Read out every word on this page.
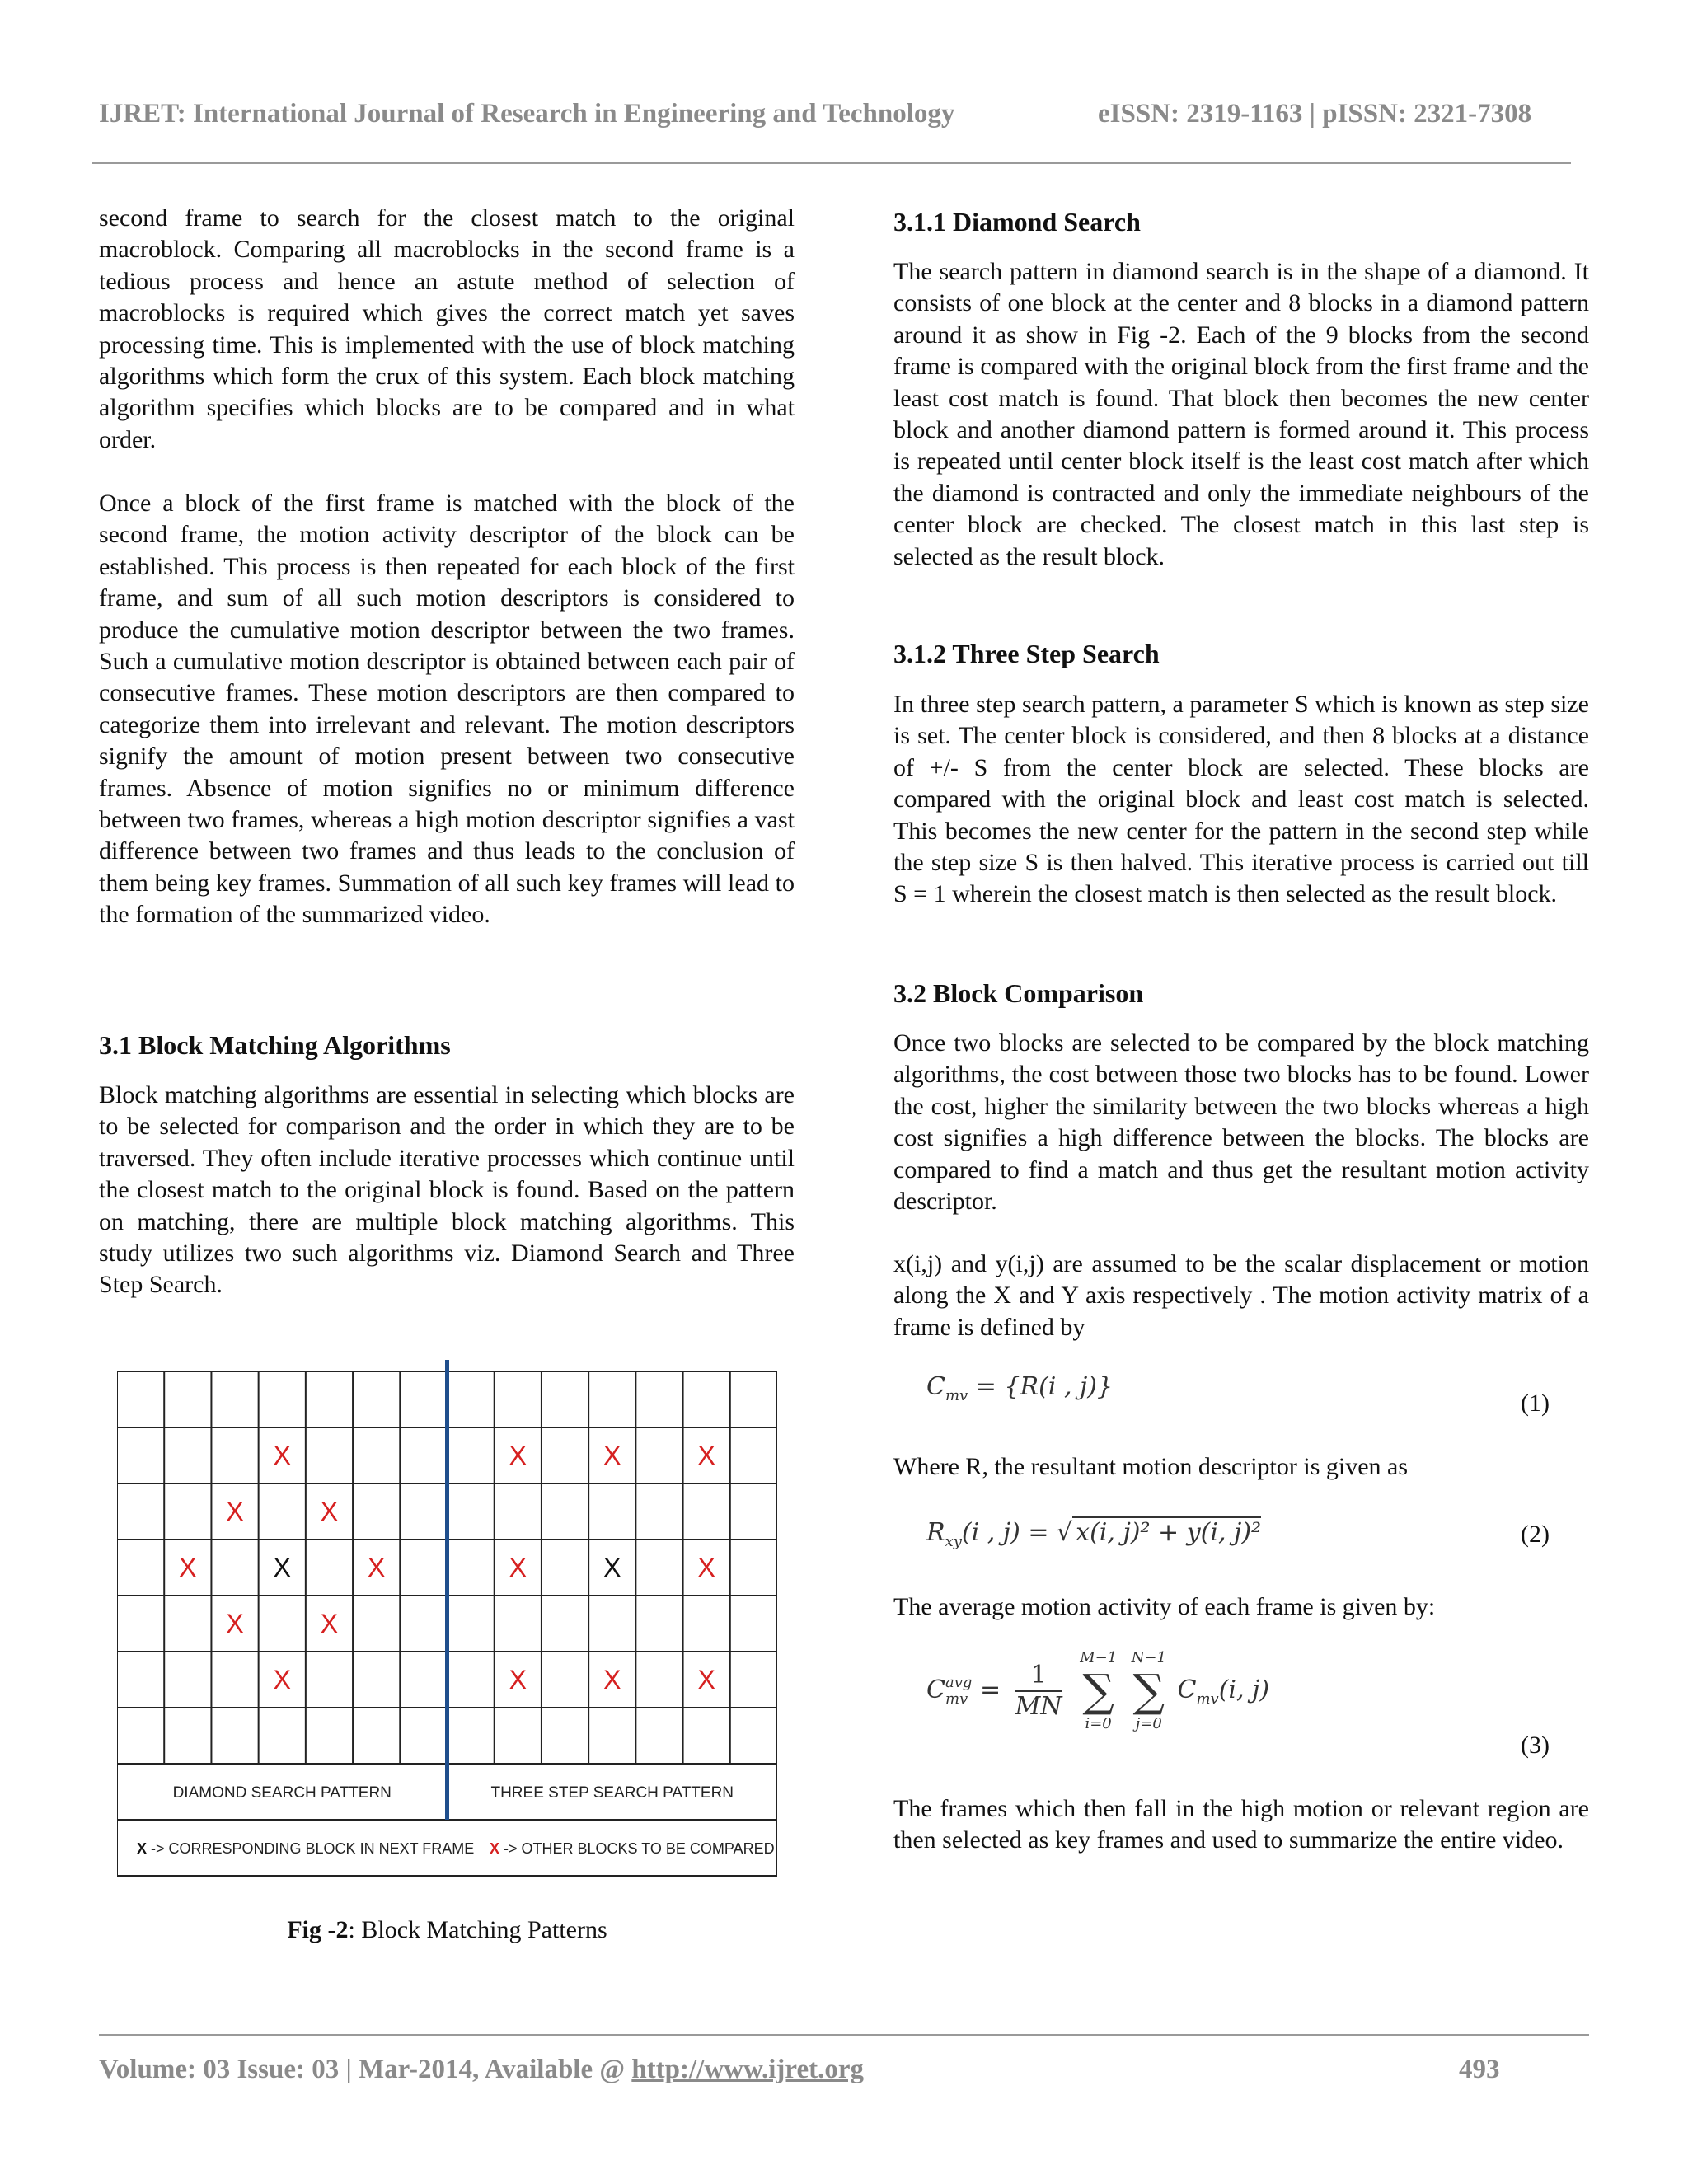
IJRET: International Journal of Research in Engineering and Technology	eISSN: 2319-1163 | pISSN: 2321-7308

second frame to search for the closest match to the original macroblock. Comparing all macroblocks in the second frame is a tedious process and hence an astute method of selection of macroblocks is required which gives the correct match yet saves processing time. This is implemented with the use of block matching algorithms which form the crux of this system. Each block matching algorithm specifies which blocks are to be compared and in what order.

Once a block of the first frame is matched with the block of the second frame, the motion activity descriptor of the block can be established. This process is then repeated for each block of the first frame, and sum of all such motion descriptors is considered to produce the cumulative motion descriptor between the two frames. Such a cumulative motion descriptor is obtained between each pair of consecutive frames. These motion descriptors are then compared to categorize them into irrelevant and relevant. The motion descriptors signify the amount of motion present between two consecutive frames. Absence of motion signifies no or minimum difference between two frames, whereas a high motion descriptor signifies a vast difference between two frames and thus leads to the conclusion of them being key frames. Summation of all such key frames will lead to the formation of the summarized video.

3.1 Block Matching Algorithms

Block matching algorithms are essential in selecting which blocks are to be selected for comparison and the order in which they are to be traversed. They often include iterative processes which continue until the closest match to the original block is found. Based on the pattern on matching, there are multiple block matching algorithms. This study utilizes two such algorithms viz. Diamond Search and Three Step Search.

X
X	X
X	X	X
X	X
X
X	X	X
X	X	X
X	X	X
DIAMOND SEARCH PATTERN	THREE STEP SEARCH PATTERN
X -> CORRESPONDING BLOCK IN NEXT FRAME X -> OTHER BLOCKS TO BE COMPARED
Fig -2: Block Matching Patterns
3.1.1 Diamond Search

The search pattern in diamond search is in the shape of a diamond. It consists of one block at the center and 8 blocks in a diamond pattern around it as show in Fig -2. Each of the 9 blocks from the second frame is compared with the original block from the first frame and the least cost match is found. That block then becomes the new center block and another diamond pattern is formed around it. This process is repeated until center block itself is the least cost match after which the diamond is contracted and only the immediate neighbours of the center block are checked. The closest match in this last step is selected as the result block.

3.1.2 Three Step Search

In three step search pattern, a parameter S which is known as step size is set. The center block is considered, and then 8 blocks at a distance of +/- S from the center block are selected. These blocks are compared with the original block and least cost match is selected. This becomes the new center for the pattern in the second step while the step size S is then halved. This iterative process is carried out till S = 1 wherein the closest match is then selected as the result block.

3.2 Block Comparison

Once two blocks are selected to be compared by the block matching algorithms, the cost between those two blocks has to be found. Lower the cost, higher the similarity between the two blocks whereas a high cost signifies a high difference between the blocks. The blocks are compared to find a match and thus get the resultant motion activity descriptor.

x(i,j) and y(i,j) are assumed to be the scalar displacement or motion along the X and Y axis respectively . The motion activity matrix of a frame is defined by

$C_{mv} = \{R(i$ , j)}
(1)

Where R, the resultant motion descriptor is given as

$R_{xy}(i$ , j) = √ x(i, j)² + y(i, j)²	(2)

The average motion activity of each frame is given by:

C avg
mv = $\frac{1}{MN}$

M−1
∑
i=0

N−1
∑
j=0
$C_{mv}(i$, j)
(3)

The frames which then fall in the high motion or relevant region are then selected as key frames and used to summarize the entire video.

Volume: 03 Issue: 03 | Mar-2014, Available @ http://www.ijret.org	493
